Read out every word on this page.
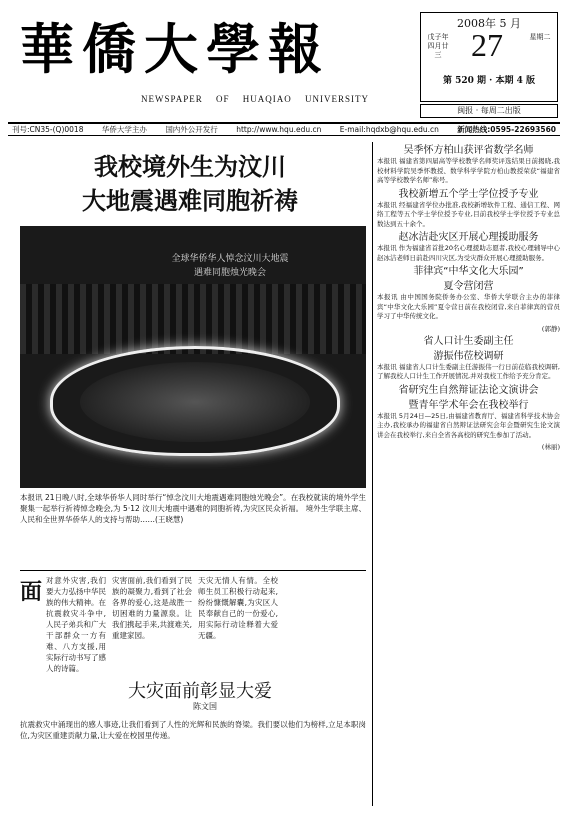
華僑大學報
NEWSPAPER OF HUAQIAO UNIVERSITY
2008年 5 月
戊子年 四月廿三 27	星期二
第 520 期 · 本期 4 版
闽报 · 每周二出版
刊号:CN35-(Q)0018 华侨大学主办 国内外公开发行 http://www.hqu.edu.cn E-mail:hqdxb@hqu.edu.cn 新闻热线:0595-22693560
我校境外生为汶川
大地震遇难同胞祈祷
全球华侨华人悼念汶川大地震
遇难同胞烛光晚会
本报讯 21日晚八时,全球华侨华人同时举行“悼念汶川大地震遇难同胞烛光晚会”。在我校就读的境外学生聚集一起举行祈祷悼念晚会,为 5·12 汶川大地震中遇难的同胞祈祷,为灾区民众祈福。 境外生学联主席、人民和全世界华侨华人的支持与帮助……(王晓慧)
面 对意外灾害,我们要大力弘扬中华民族的伟大精神。在抗震救灾斗争中,人民子弟兵和广大干部群众一方有难、八方支援,用实际行动书写了感人的诗篇。
灾害面前,我们看到了民族的凝聚力,看到了社会各界的爱心,这是战胜一切困难的力量源泉。让我们携起手来,共渡难关,重建家园。
天灾无情人有情。全校师生员工积极行动起来,纷纷慷慨解囊,为灾区人民奉献自己的一份爱心,用实际行动诠释着大爱无疆。
大灾面前彰显大爱
陈文国
抗震救灾中涌现出的感人事迹,让我们看到了人性的光辉和民族的脊梁。我们要以他们为榜样,立足本职岗位,为灾区重建贡献力量,让大爱在校园里传递。
吴季怀方柏山获评省数学名师
本报讯 福建省第四届高等学校教学名师奖评选结果日前揭晓,我校材料学院吴季怀教授、数学科学学院方柏山教授荣获“福建省高等学校教学名师”称号。
我校新增五个学士学位授予专业
本报讯 经福建省学位办批准,我校新增软件工程、通信工程、网络工程等五个学士学位授予专业,目前我校学士学位授予专业总数达到五十余个。
赵冰洁赴灾区开展心理援助服务
本报讯 作为福建省首批20名心理援助志愿者,我校心理辅导中心赵冰洁老师日前赴四川灾区,为受灾群众开展心理援助服务。
菲律宾“中华文化大乐园”
夏令营闭营
本报讯 由中国国务院侨务办公室、华侨大学联合主办的菲律宾“中华文化大乐园”夏令营日前在我校闭营,来自菲律宾的营员学习了中华传统文化。
(郭静)
省人口计生委副主任
游振伟莅校调研
本报讯 福建省人口计生委副主任游振伟一行日前莅临我校调研,了解我校人口计生工作开展情况,并对我校工作给予充分肯定。
省研究生自然辩证法论文演讲会
暨青年学术年会在我校举行
本报讯 5月24日—25日,由福建省教育厅、福建省科学技术协会主办,我校承办的福建省自然辩证法研究会年会暨研究生论文演讲会在我校举行,来自全省各高校的研究生参加了活动。
(林丽)
